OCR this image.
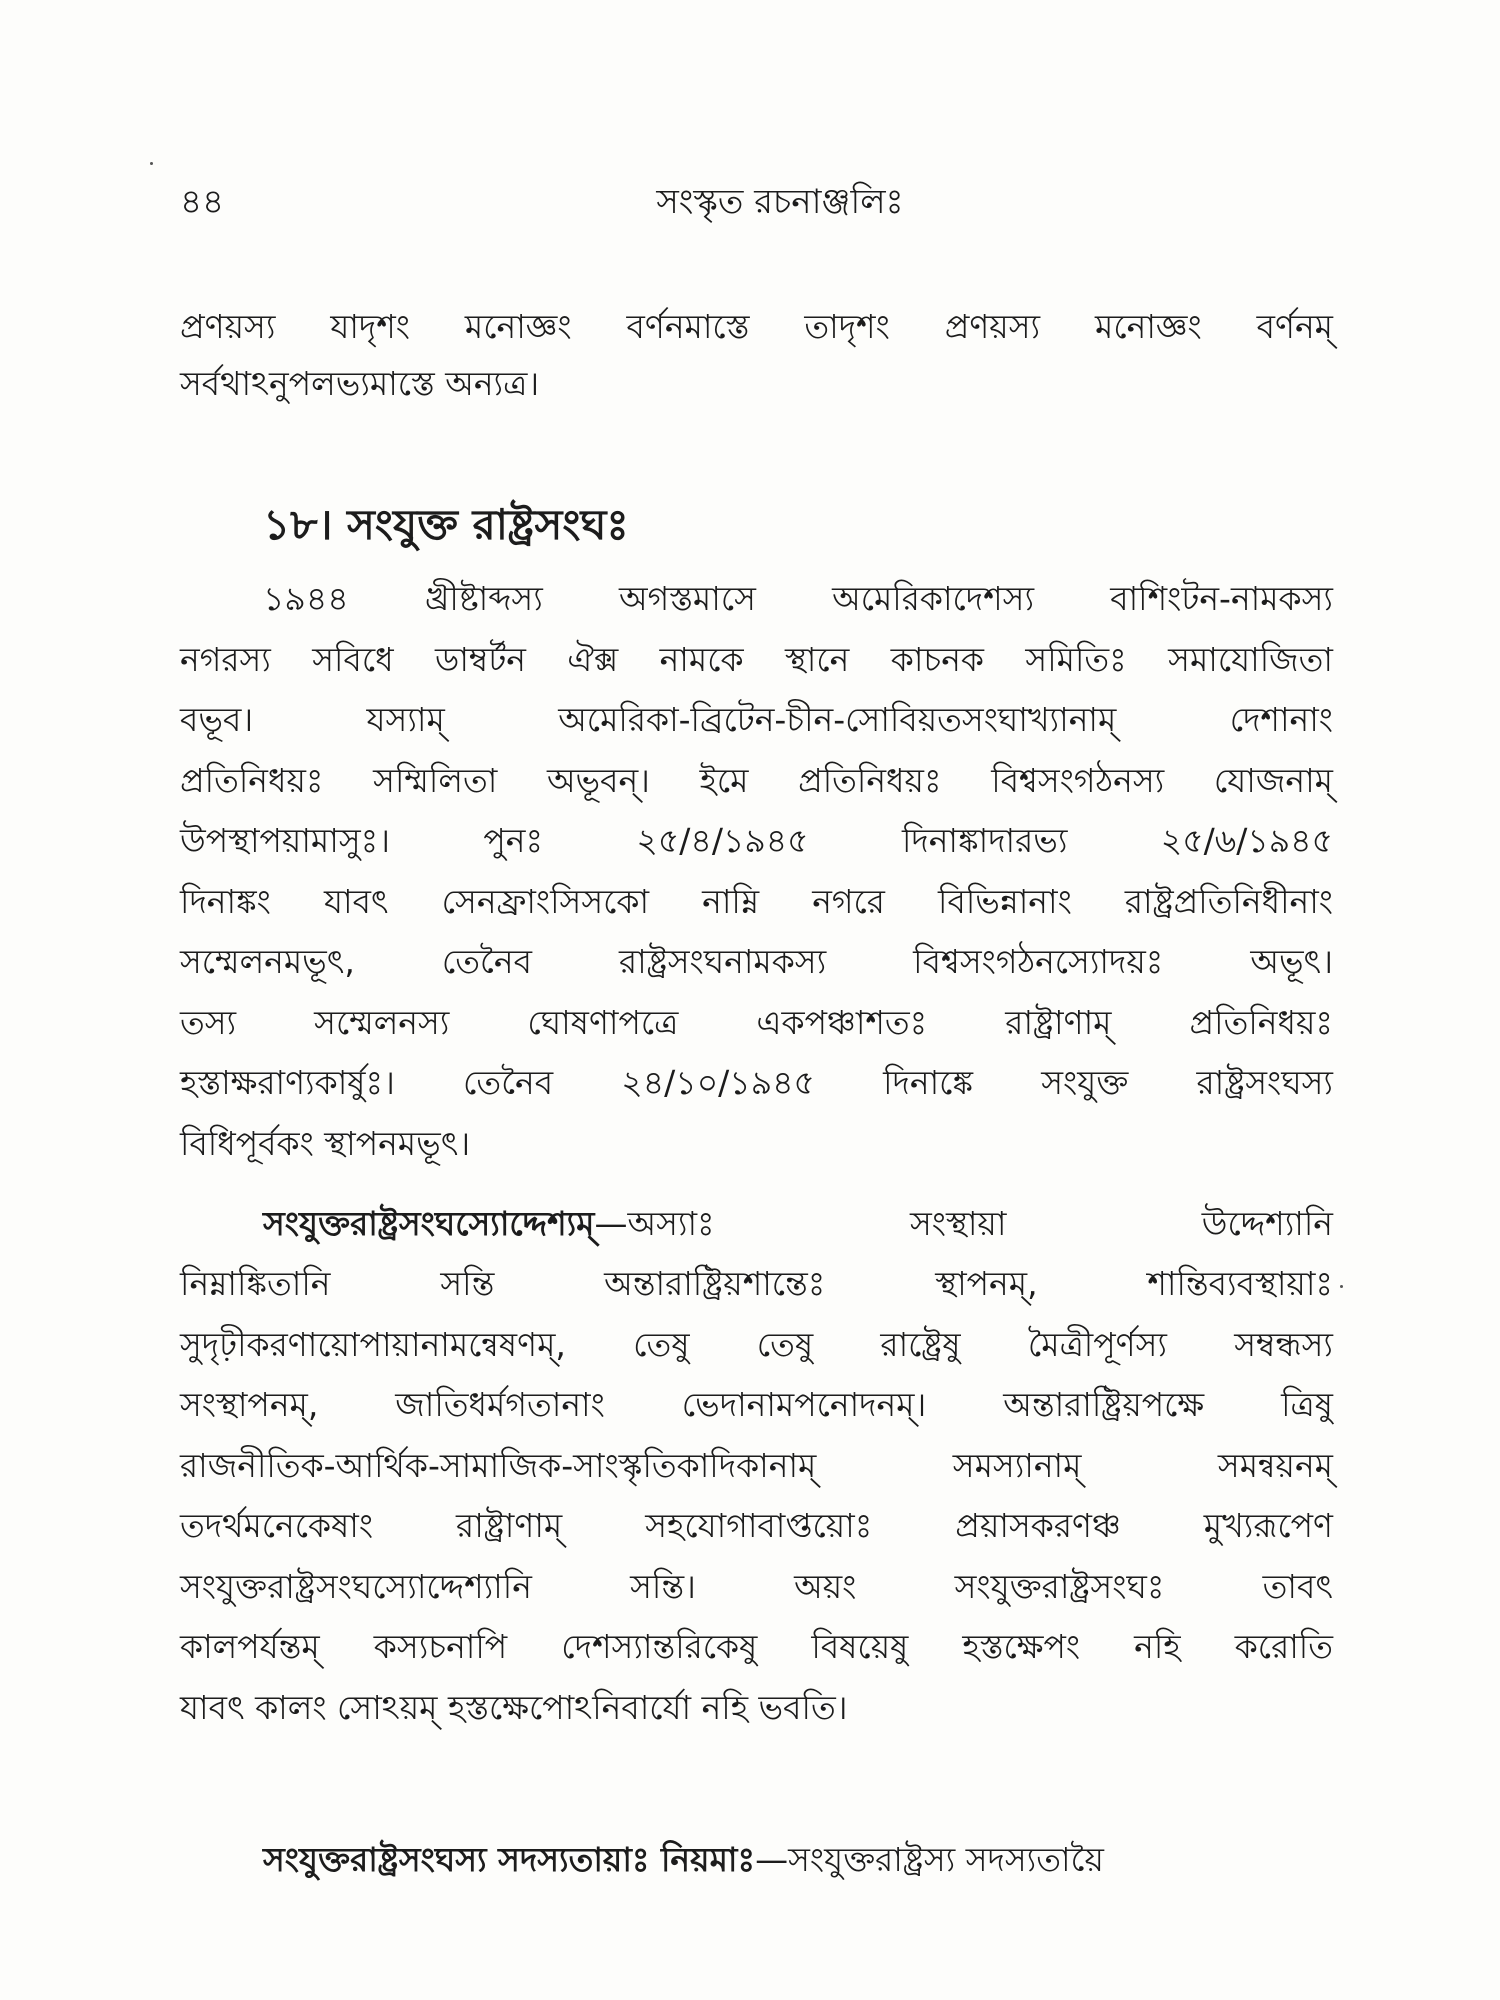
৪৪	সংস্কৃত রচনাঞ্জলিঃ
প্রণয়স্য যাদৃশং মনোজ্ঞং বর্ণনমাস্তে তাদৃশং প্রণয়স্য মনোজ্ঞং বর্ণনম্
সর্বথাঽনুপলভ্যমাস্তে অন্যত্র।
১৮। সংযুক্ত রাষ্ট্রসংঘঃ
১৯৪৪ খ্রীষ্টাব্দস্য অগস্তমাসে অমেরিকাদেশস্য বাশিংটন-নামকস্য
নগরস্য সবিধে ডাম্বর্টন ঐক্স নামকে স্থানে কাচনক সমিতিঃ সমাযোজিতা
বভূব। যস্যাম্ অমেরিকা-ব্রিটেন-চীন-সোবিয়তসংঘাখ্যানাম্ দেশানাং
প্রতিনিধয়ঃ সম্মিলিতা অভূবন্। ইমে প্রতিনিধয়ঃ বিশ্বসংগঠনস্য যোজনাম্
উপস্থাপয়ামাসুঃ। পুনঃ ২৫/৪/১৯৪৫ দিনাঙ্কাদারভ্য ২৫/৬/১৯৪৫
দিনাঙ্কং যাবৎ সেনফ্রাংসিসকো নাম্নি নগরে বিভিন্নানাং রাষ্ট্রপ্রতিনিধীনাং
সম্মেলনমভূৎ, তেনৈব রাষ্ট্রসংঘনামকস্য বিশ্বসংগঠনস্যোদয়ঃ অভূৎ।
তস্য সম্মেলনস্য ঘোষণাপত্রে একপঞ্চাশতঃ রাষ্ট্রাণাম্ প্রতিনিধয়ঃ
হস্তাক্ষরাণ্যকার্ষুঃ। তেনৈব ২৪/১০/১৯৪৫ দিনাঙ্কে সংযুক্ত রাষ্ট্রসংঘস্য
বিধিপূর্বকং স্থাপনমভূৎ।
সংযুক্তরাষ্ট্রসংঘস্যোদ্দেশ্যম্—অস্যাঃ সংস্থায়া উদ্দেশ্যানি
নিম্নাঙ্কিতানি সন্তি অন্তারাষ্ট্রিয়শান্তেঃ স্থাপনম্, শান্তিব্যবস্থায়াঃ
সুদৃঢ়ীকরণায়োপায়ানামন্বেষণম্, তেষু তেষু রাষ্ট্রেষু মৈত্রীপূর্ণস্য সম্বন্ধস্য
সংস্থাপনম্, জাতিধর্মগতানাং ভেদানামপনোদনম্। অন্তারাষ্ট্রিয়পক্ষে ত্রিষু
রাজনীতিক-আর্থিক-সামাজিক-সাংস্কৃতিকাদিকানাম্ সমস্যানাম্ সমন্বয়নম্
তদর্থমনেকেষাং রাষ্ট্রাণাম্ সহযোগাবাপ্তয়োঃ প্রয়াসকরণঞ্চ মুখ্যরূপেণ
সংযুক্তরাষ্ট্রসংঘস্যোদ্দেশ্যানি সন্তি। অয়ং সংযুক্তরাষ্ট্রসংঘঃ তাবৎ
কালপর্যন্তম্ কস্যচনাপি দেশস্যান্তরিকেষু বিষয়েষু হস্তক্ষেপং নহি করোতি
যাবৎ কালং সোঽয়ম্ হস্তক্ষেপোঽনিবার্যো নহি ভবতি।
সংযুক্তরাষ্ট্রসংঘস্য সদস্যতায়াঃ নিয়মাঃ—সংযুক্তরাষ্ট্রস্য সদস্যতায়ৈ
